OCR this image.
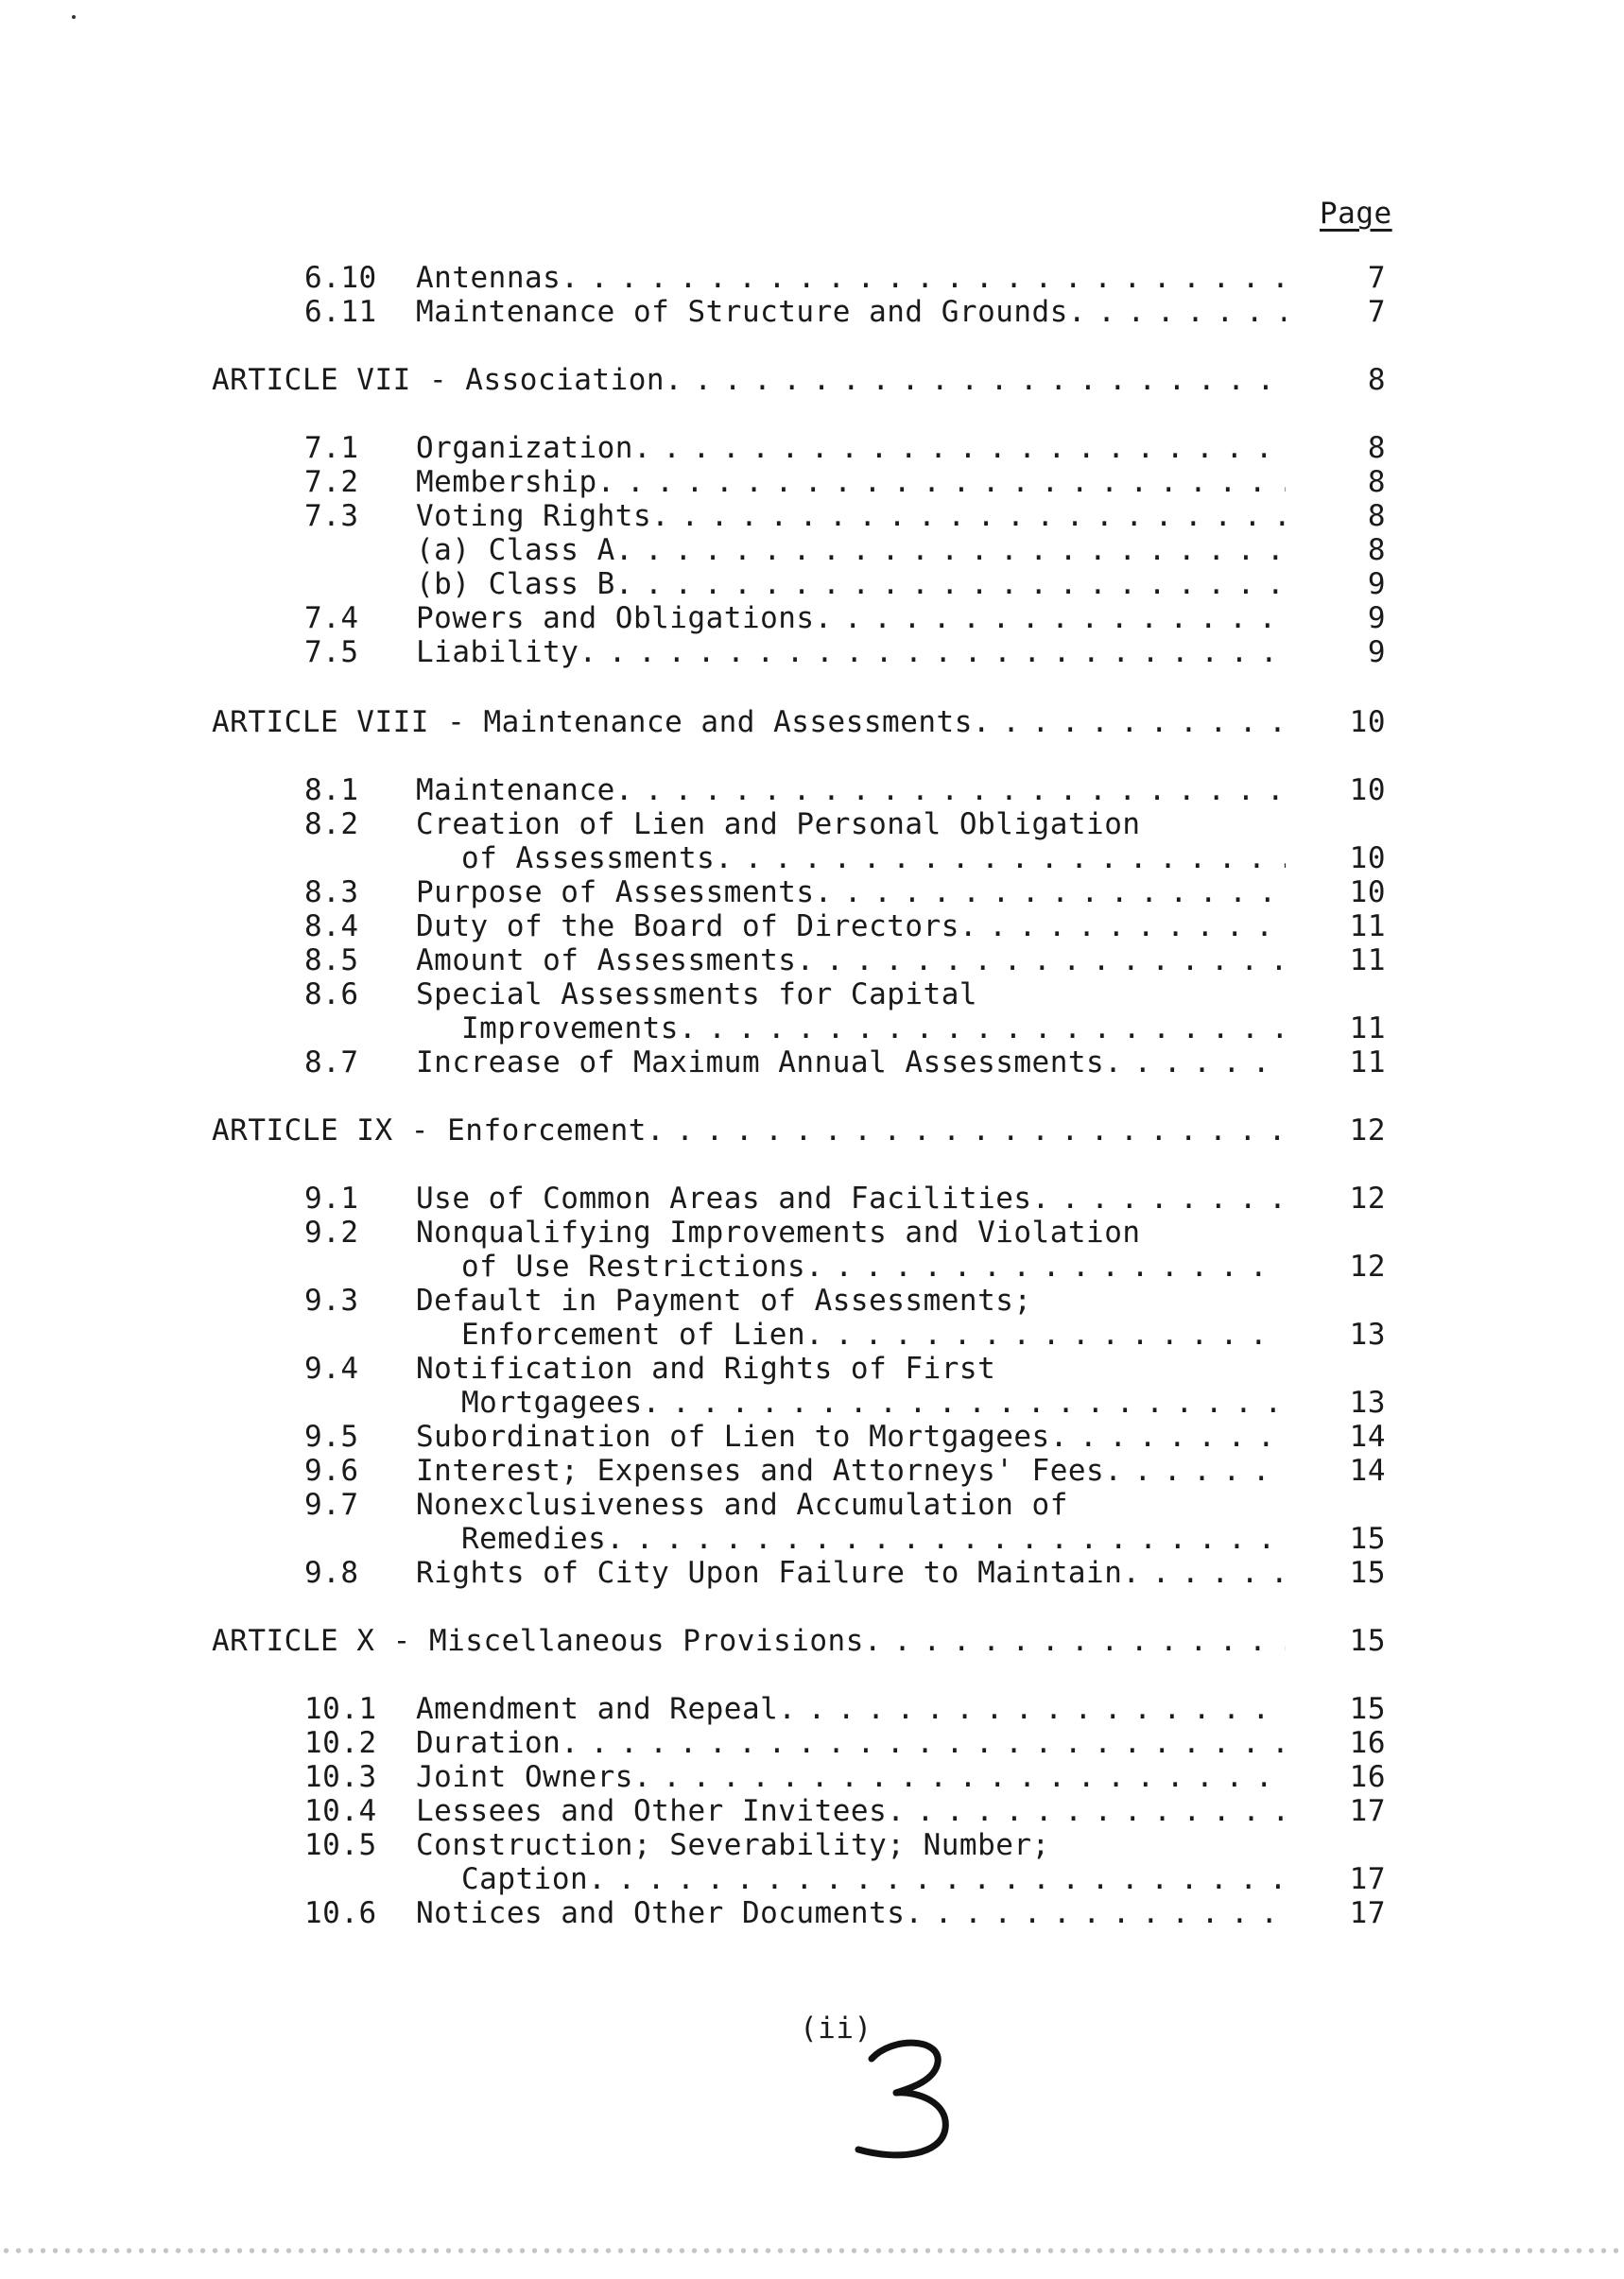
Page
6.10 Antennas . . .	7
6.11 Maintenance of Structure and Grounds . . .	7
ARTICLE VII - Association . . .	8
7.1 Organization . . .	8
7.2 Membership . . .	8
7.3 Voting Rights . . .	8
(a) Class A . . .	8
(b) Class B . . .	9
7.4 Powers and Obligations . . .	9
7.5 Liability . . .	9
ARTICLE VIII - Maintenance and Assessments . . .	10
8.1 Maintenance . . .	10
8.2 Creation of Lien and Personal Obligation
of Assessments . . .	10
8.3 Purpose of Assessments . . .	10
8.4 Duty of the Board of Directors . . .	11
8.5 Amount of Assessments . . .	11
8.6 Special Assessments for Capital
Improvements . . .	11
8.7 Increase of Maximum Annual Assessments . . .	11
ARTICLE IX - Enforcement . . .	12
9.1 Use of Common Areas and Facilities . . .	12
9.2 Nonqualifying Improvements and Violation
of Use Restrictions . . .	12
9.3 Default in Payment of Assessments;
Enforcement of Lien . . .	13
9.4 Notification and Rights of First
Mortgagees . . .	13
9.5 Subordination of Lien to Mortgagees . . .	14
9.6 Interest; Expenses and Attorneys' Fees . . .	14
9.7 Nonexclusiveness and Accumulation of
Remedies . . .	15
9.8 Rights of City Upon Failure to Maintain . . .	15
ARTICLE X - Miscellaneous Provisions . . .	15
10.1 Amendment and Repeal . . .	15
10.2 Duration . . .	16
10.3 Joint Owners . . .	16
10.4 Lessees and Other Invitees . . .	17
10.5 Construction; Severability; Number;
Caption . . .	17
10.6 Notices and Other Documents . . .	17
(ii)
